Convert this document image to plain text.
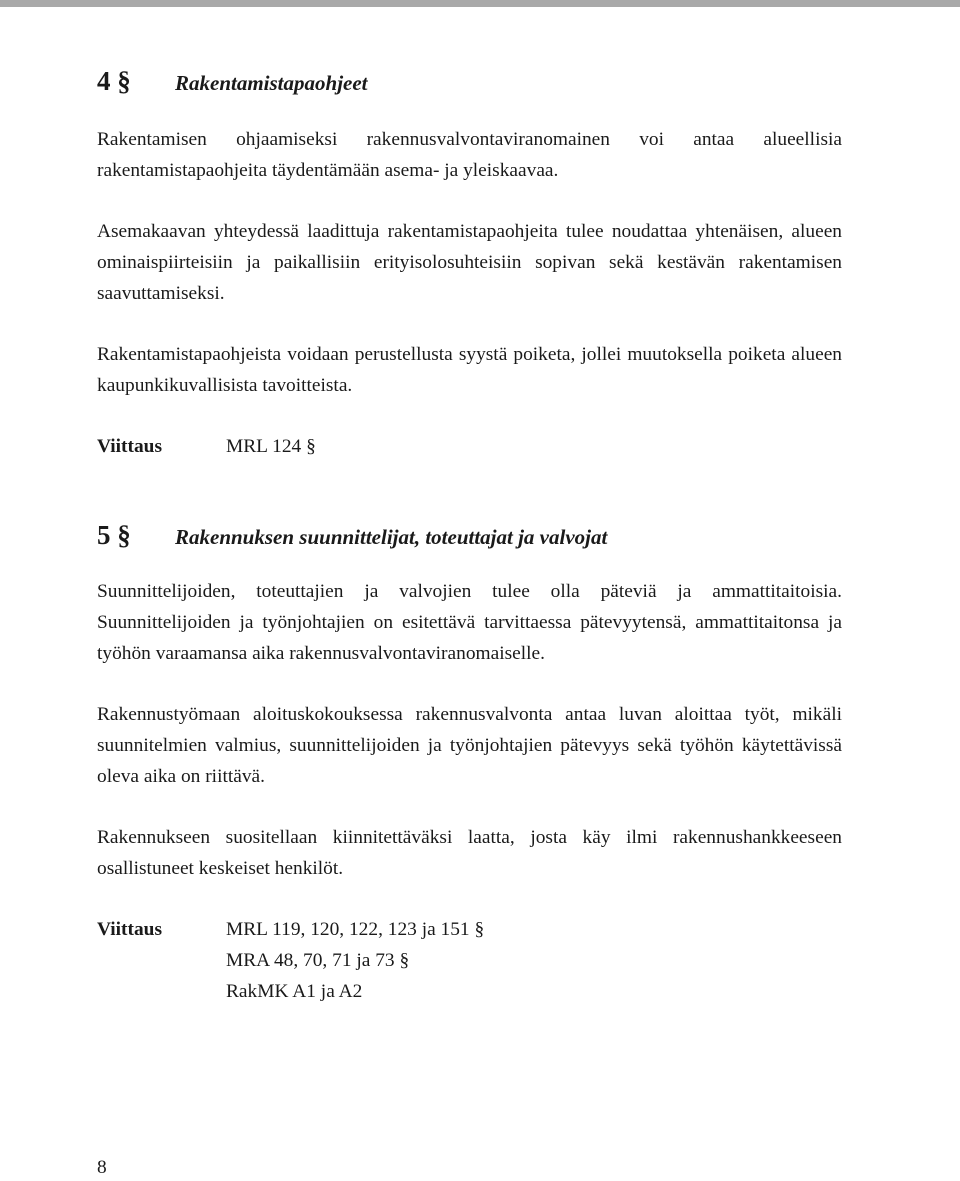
4 §	Rakentamistapaohjeet

Rakentamisen ohjaamiseksi rakennusvalvontaviranomainen voi antaa alueellisia rakentamistapaohjeita täydentämään asema- ja yleiskaavaa.

Asemakaavan yhteydessä laadittuja rakentamistapaohjeita tulee noudattaa yhtenäisen, alueen ominaispiirteisiin ja paikallisiin erityisolosuhteisiin sopivan sekä kestävän rakentamisen saavuttamiseksi.

Rakentamistapaohjeista voidaan perustellusta syystä poiketa, jollei muutoksella poiketa alueen kaupunkikuvallisista tavoitteista.

Viittaus	MRL 124 §
5 §	Rakennuksen suunnittelijat, toteuttajat ja valvojat

Suunnittelijoiden, toteuttajien ja valvojien tulee olla päteviä ja ammattitaitoisia. Suunnittelijoiden ja työnjohtajien on esitettävä tarvittaessa pätevyytensä, ammattitaitonsa ja työhön varaamansa aika rakennusvalvontaviranomaiselle.

Rakennustyömaan aloituskokouksessa rakennusvalvonta antaa luvan aloittaa työt, mikäli suunnitelmien valmius, suunnittelijoiden ja työnjohtajien pätevyys sekä työhön käytettävissä oleva aika on riittävä.

Rakennukseen suositellaan kiinnitettäväksi laatta, josta käy ilmi rakennushankkeeseen osallistuneet keskeiset henkilöt.

Viittaus	MRL 119, 120, 122, 123 ja 151 §
MRA 48, 70, 71 ja 73 §
RakMK A1 ja A2
8
